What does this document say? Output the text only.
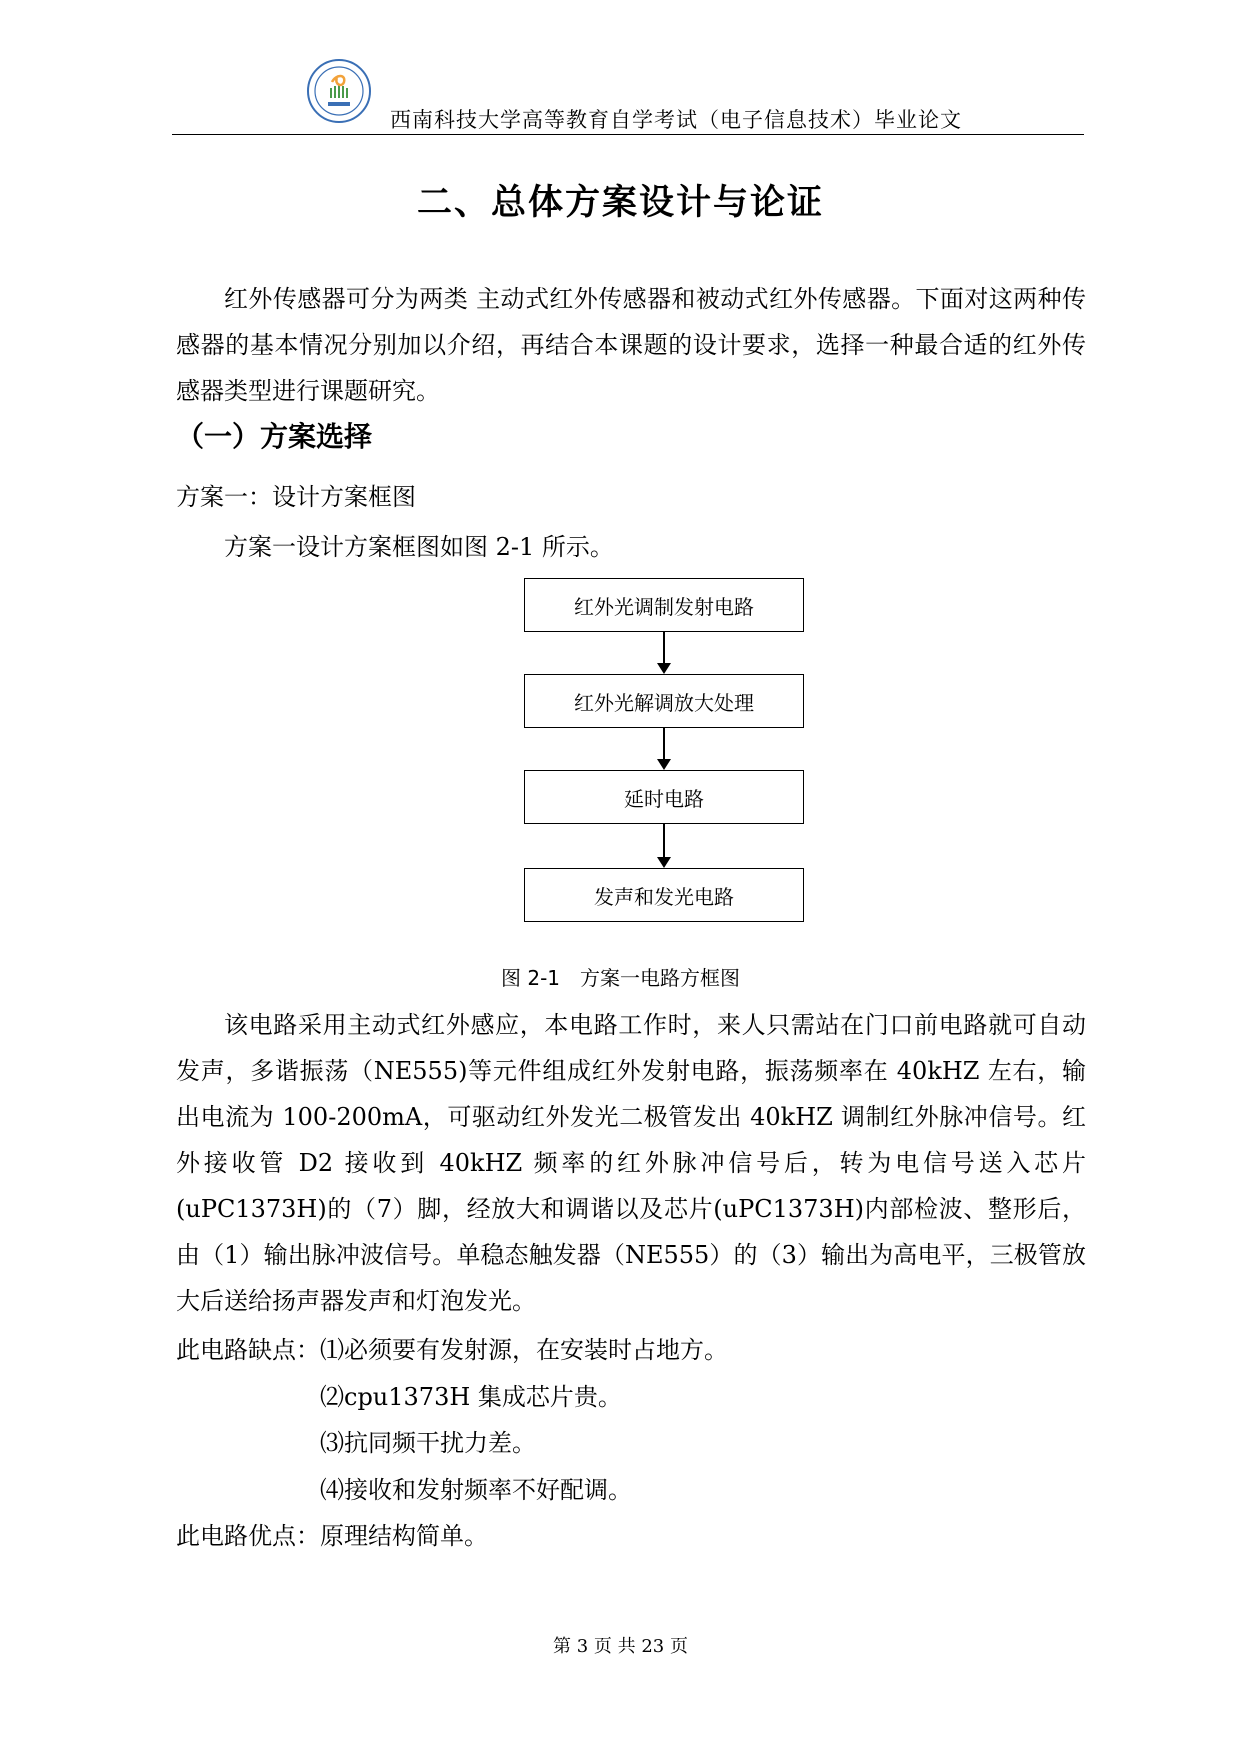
西南科技大学高等教育自学考试（电子信息技术）毕业论文
二、总体方案设计与论证

红外传感器可分为两类 主动式红外传感器和被动式红外传感器。下面对这两种传感器的基本情况分别加以介绍，再结合本课题的设计要求，选择一种最合适的红外传感器类型进行课题研究。

（一）方案选择

方案一：设计方案框图

方案一设计方案框图如图 2-1 所示。

红外光调制发射电路
红外光解调放大处理
延时电路
发声和发光电路
图 2-1　方案一电路方框图

该电路采用主动式红外感应，本电路工作时，来人只需站在门口前电路就可自动发声，多谐振荡（NE555)等元件组成红外发射电路，振荡频率在 40kHZ 左右，输出电流为 100-200mA，可驱动红外发光二极管发出 40kHZ 调制红外脉冲信号。红外接收管 D2 接收到 40kHZ 频率的红外脉冲信号后，转为电信号送入芯片(uPC1373H)的（7）脚，经放大和调谐以及芯片(uPC1373H)内部检波、整形后，由（1）输出脉冲波信号。单稳态触发器（NE555）的（3）输出为高电平，三极管放大后送给扬声器发声和灯泡发光。

此电路缺点： ⑴必须要有发射源，在安装时占地方。
⑵cpu1373H 集成芯片贵。
⑶抗同频干扰力差。
⑷接收和发射频率不好配调。
此电路优点： 原理结构简单。
第 3 页 共 23 页
